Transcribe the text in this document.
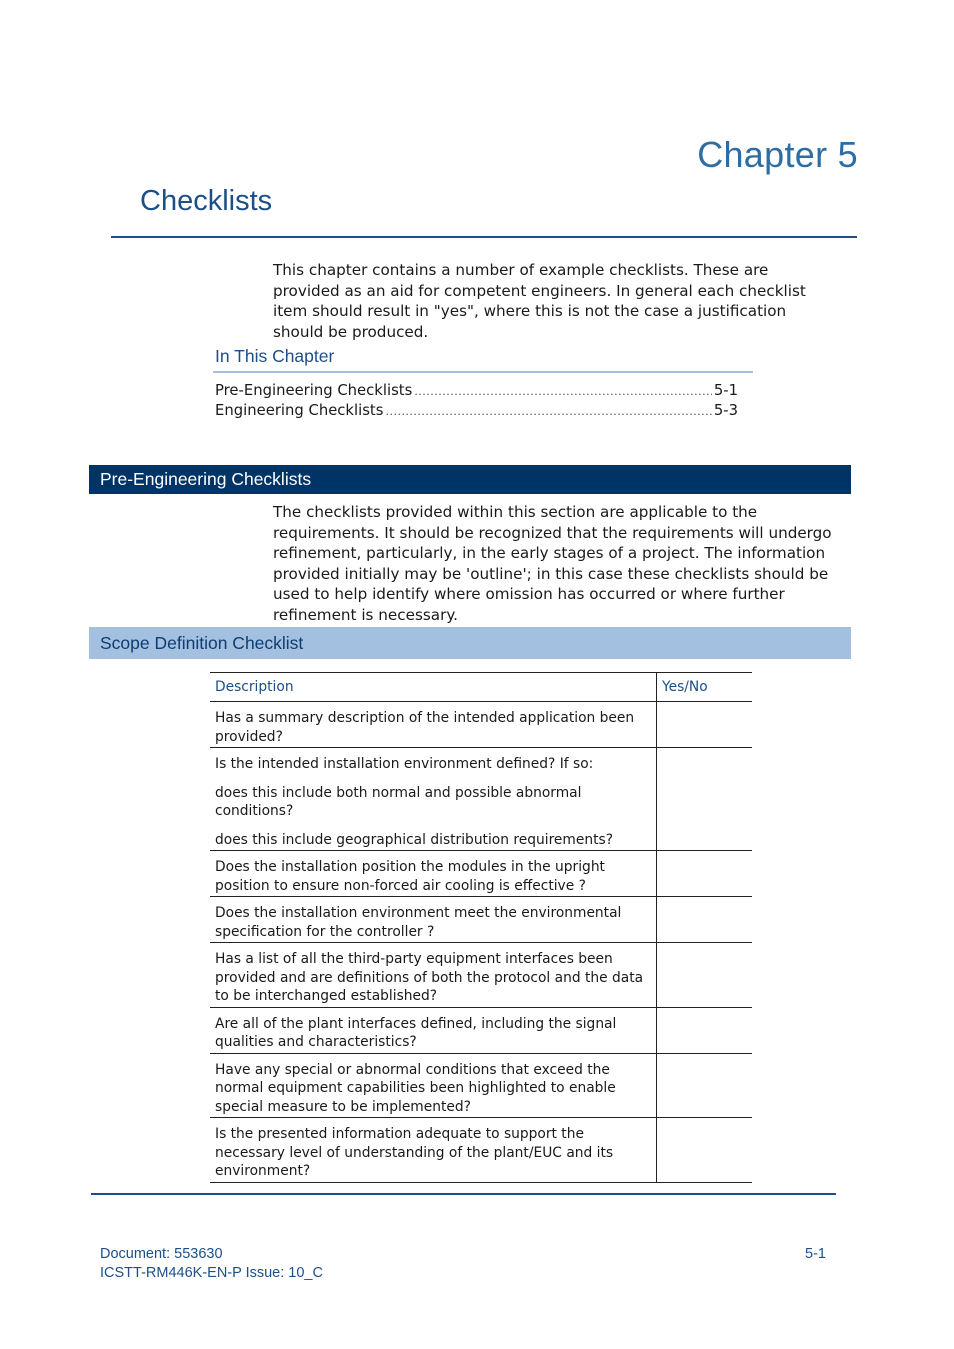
Chapter 5
Checklists

This chapter contains a number of example checklists. These are provided as an aid for competent engineers. In general each checklist item should result in "yes", where this is not the case a justification should be produced.

In This Chapter
Pre-Engineering Checklists .....	5-1
Engineering Checklists .....	5-3
Pre-Engineering Checklists

The checklists provided within this section are applicable to the requirements. It should be recognized that the requirements will undergo refinement, particularly, in the early stages of a project. The information provided initially may be 'outline'; in this case these checklists should be used to help identify where omission has occurred or where further refinement is necessary.

Scope Definition Checklist
Description	Yes/No
Has a summary description of the intended application been provided?	

Is the intended installation environment defined? If so:
does this include both normal and possible abnormal conditions?
does this include geographical distribution requirements?	

Does the installation position the modules in the upright position to ensure non-forced air cooling is effective ?	
Does the installation environment meet the environmental specification for the controller ?	
Has a list of all the third-party equipment interfaces been provided and are definitions of both the protocol and the data to be interchanged established?	
Are all of the plant interfaces defined, including the signal qualities and characteristics?	
Have any special or abnormal conditions that exceed the normal equipment capabilities been highlighted to enable special measure to be implemented?	
Is the presented information adequate to support the necessary level of understanding of the plant/EUC and its environment?	
Document: 553630
ICSTT-RM446K-EN-P Issue: 10_C
5-1
